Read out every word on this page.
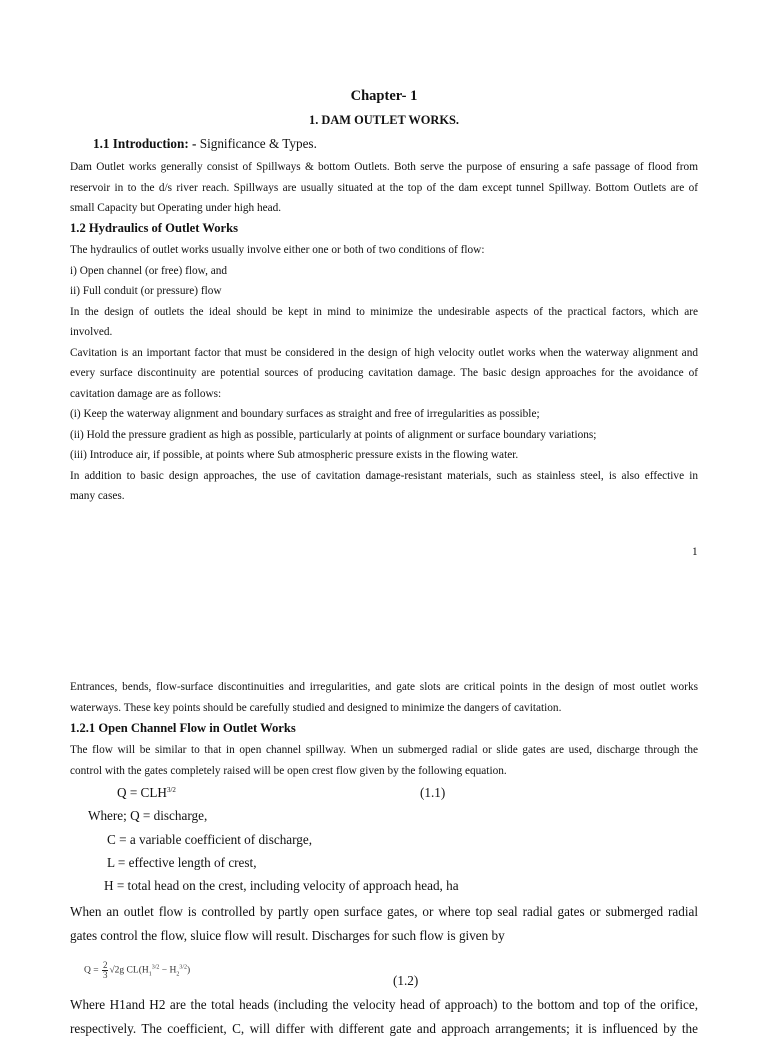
Chapter- 1
1. DAM OUTLET WORKS.
1.1 Introduction: - Significance & Types.
Dam Outlet works generally consist of Spillways & bottom Outlets. Both serve the purpose of ensuring a safe passage of flood from
reservoir in to the d/s river reach. Spillways are usually situated at the top of the dam except tunnel Spillway. Bottom Outlets are of
small Capacity but Operating under high head.
1.2 Hydraulics of Outlet Works
The hydraulics of outlet works usually involve either one or both of two conditions of flow:
i) Open channel (or free) flow, and
ii) Full conduit (or pressure) flow
In the design of outlets the ideal should be kept in mind to minimize the undesirable aspects of the practical factors, which are
involved.
Cavitation is an important factor that must be considered in the design of high velocity outlet works when the waterway alignment and
every surface discontinuity are potential sources of producing cavitation damage. The basic design approaches for the avoidance of
cavitation damage are as follows:
(i) Keep the waterway alignment and boundary surfaces as straight and free of irregularities as possible;
(ii) Hold the pressure gradient as high as possible, particularly at points of alignment or surface boundary variations;
(iii) Introduce air, if possible, at points where Sub atmospheric pressure exists in the flowing water.
In addition to basic design approaches, the use of cavitation damage-resistant materials, such as stainless steel, is also effective in
many cases.
1
Entrances, bends, flow-surface discontinuities and irregularities, and gate slots are critical points in the design of most outlet works
waterways. These key points should be carefully studied and designed to minimize the dangers of cavitation.
1.2.1 Open Channel Flow in Outlet Works
The flow will be similar to that in open channel spillway. When un submerged radial or slide gates are used, discharge through the
control with the gates completely raised will be open crest flow given by the following equation.
$Q = CLH^{3/2}$	(1.1)
Where; Q = discharge,
C = a variable coefficient of discharge,
L = effective length of crest,
H = total head on the crest, including velocity of approach head, ha
When an outlet flow is controlled by partly open surface gates, or where top seal radial gates or submerged radial
gates control the flow, sluice flow will result. Discharges for such flow is given by
$Q = \frac{2}{3} √2g$ $CL(H_1^{3/2} - H_2^{3/2})$
(1.2)
Where H1and H2 are the total heads (including the velocity head of approach) to the bottom and top of the orifice,
respectively. The coefficient, C, will differ with different gate and approach arrangements; it is influenced by the
